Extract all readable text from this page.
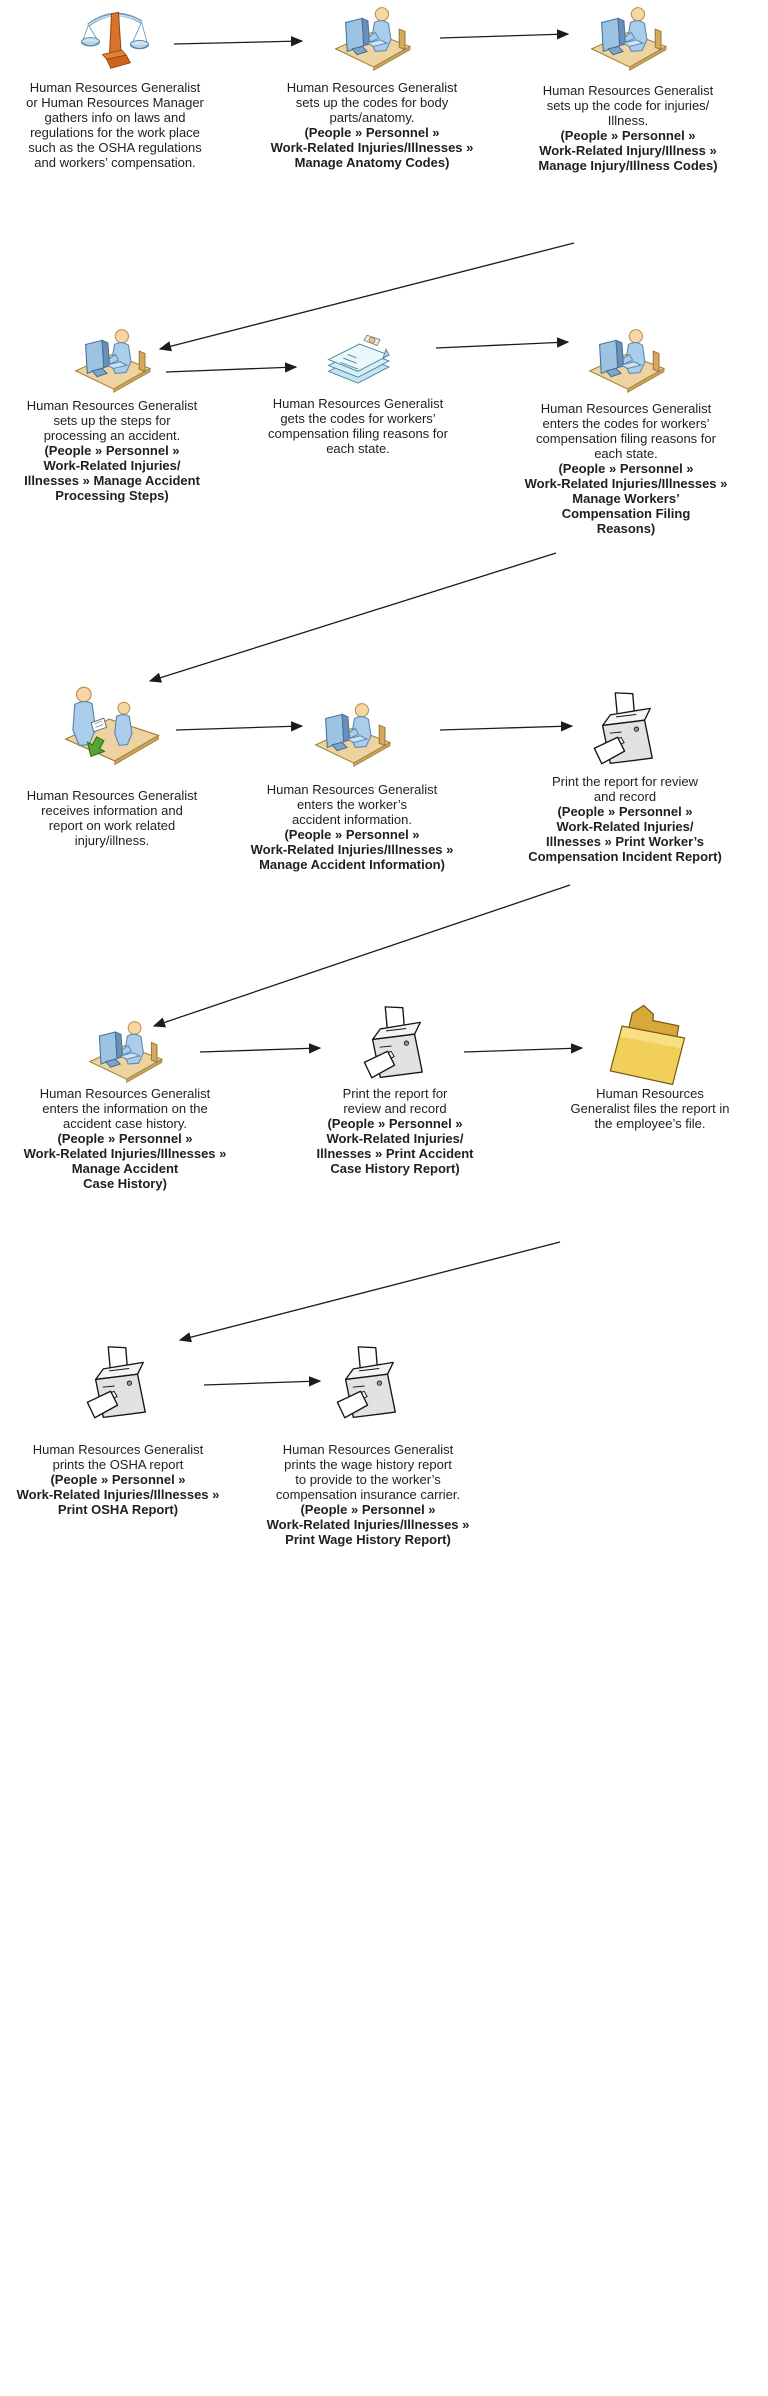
Human Resources Generalist
or Human Resources Manager
gathers info on laws and
regulations for the work place
such as the OSHA regulations
and workers’ compensation.
Human Resources Generalist
sets up the codes for body
parts/anatomy.
(People » Personnel »
Work-Related Injuries/Illnesses »
Manage Anatomy Codes)
Human Resources Generalist
sets up the code for injuries/
Illness.
(People » Personnel »
Work-Related Injury/Illness »
Manage Injury/Illness Codes)
Human Resources Generalist
sets up the steps for
processing an accident.
(People » Personnel »
Work-Related Injuries/
Illnesses » Manage Accident
Processing Steps)
Human Resources Generalist
gets the codes for workers’
compensation filing reasons for
each state.
Human Resources Generalist
enters the codes for workers’
compensation filing reasons for
each state.
(People » Personnel »
Work-Related Injuries/Illnesses »
Manage Workers’
Compensation Filing
Reasons)
Human Resources Generalist
receives information and
report on work related
injury/illness.
Human Resources Generalist
enters the worker’s
accident information.
(People » Personnel »
Work-Related Injuries/Illnesses »
Manage Accident Information)
Print the report for review
and record
(People » Personnel »
Work-Related Injuries/
Illnesses » Print Worker’s
Compensation Incident Report)
Human Resources Generalist
enters the information on the
accident case history.
(People » Personnel »
Work-Related Injuries/Illnesses »
Manage Accident
Case History)
Print the report for
review and record
(People » Personnel »
Work-Related Injuries/
Illnesses » Print Accident
Case History Report)
Human Resources
Generalist files the report in
the employee’s file.
Human Resources Generalist
prints the OSHA report
(People » Personnel »
Work-Related Injuries/Illnesses »
Print OSHA Report)
Human Resources Generalist
prints the wage history report
to provide to the worker’s
compensation insurance carrier.
(People » Personnel »
Work-Related Injuries/Illnesses »
Print Wage History Report)
